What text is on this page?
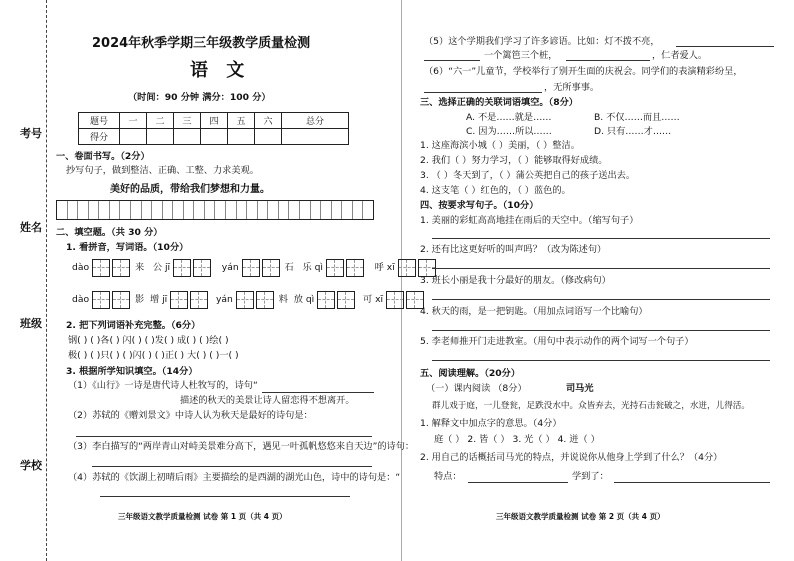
考号
姓名
班级
学校
2024年秋季学期三年级教学质量检测
语 文
（时间：90 分钟 满分：100 分）
题号	一	二	三	四	五	六	总分
得分							
一、卷面书写。（2分）
抄写句子，做到整洁、正确、工整、力求美观。
美好的品质，带给我们梦想和力量。
二、填空题。（共 30 分）
1. 看拼音，写词语。（10分）
dào	来 公 jī	yán	石 乐 qì	呼 xī
dào	影 增 jī	yán	料 放 qì	可 xī
2. 把下列词语补充完整。（6分）
钢( ) ( )各( ) 闪( ) ( )发( ) 成( ) ( )绘( )
极( ) ( )只( ) ( )闪( ) ( )正( ) 大( ) ( )一( )
3. 根据所学知识填空。（14分）
（1）《山行》一诗是唐代诗人杜牧写的，诗句“
描述的秋天的美景让诗人留恋得不想离开。
（2）苏轼的《赠刘景文》中诗人认为秋天是最好的诗句是：
（3）李白描写的“两岸青山对峙美景难分高下，遇见一叶孤帆悠悠来自天边”的诗句：
（4）苏轼的《饮湖上初晴后雨》主要描绘的是西湖的湖光山色，诗中的诗句是：“
三年级语文教学质量检测 试卷 第 1 页（共 4 页）
（5）这个学期我们学习了许多谚语。比如：灯不拨不亮，
一个篱笆三个桩，	，仁者爱人。
（6）“六一”儿童节，学校举行了别开生面的庆祝会。同学们的表演精彩纷呈，
，无所事事。
三、选择正确的关联词语填空。（8分）
A. 不是……就是……	B. 不仅……而且……
C. 因为……所以……	D. 只有……才……
1. 这座海滨小城（ ）美丽，（ ）整洁。
2. 我们（ ）努力学习，（ ）能够取得好成绩。
3. （ ）冬天到了，（ ）蒲公英把自己的孩子送出去。
4. 这支笔（ ）红色的，（ ）蓝色的。
四、按要求写句子。（10分）
1. 美丽的彩虹高高地挂在雨后的天空中。（缩写句子）
2. 还有比这更好听的叫声吗？（改为陈述句）
3. 班长小丽是我十分最好的朋友。（修改病句）
4. 秋天的雨，是一把钥匙。（用加点词语写一个比喻句）
5. 李老师推开门走进教室。（用句中表示动作的两个词写一个句子）
五、阅读理解。（20分）
（一）课内阅读 （8分）	司马光
群儿戏于庭，一儿登瓮，足跌没水中。众皆弃去，光持石击瓮破之，水迸，儿得活。
1. 解释文中加点字的意思。（4分）
庭（ ） 2. 皆（ ） 3. 光（ ） 4. 迸（ ）
2. 用自己的话概括司马光的特点，并说说你从他身上学到了什么？（4分）
特点：	学到了：
三年级语文教学质量检测 试卷 第 2 页（共 4 页）
